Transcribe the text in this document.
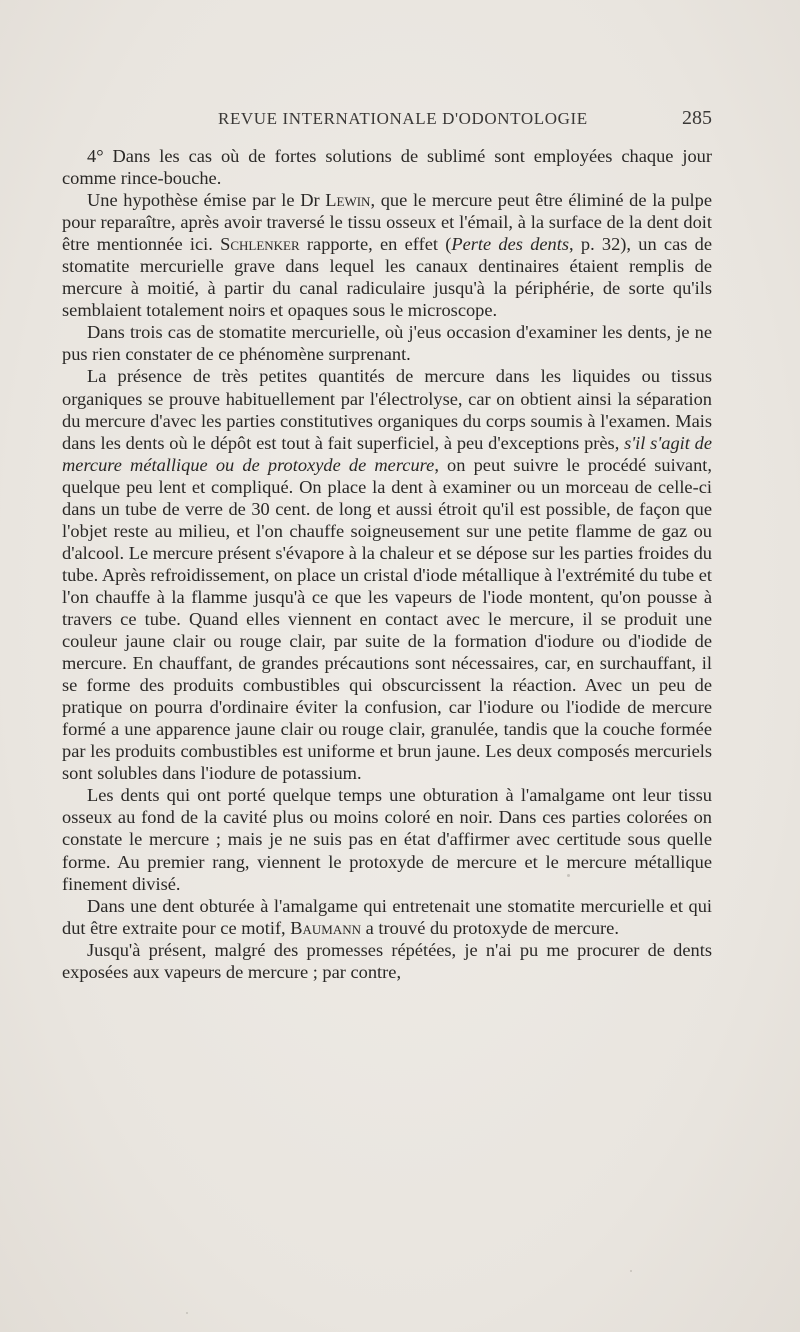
REVUE INTERNATIONALE D'ODONTOLOGIE	285

4° Dans les cas où de fortes solutions de sublimé sont employées chaque jour comme rince-bouche.

Une hypothèse émise par le Dr Lewin, que le mercure peut être éliminé de la pulpe pour reparaître, après avoir traversé le tissu osseux et l'émail, à la surface de la dent doit être mentionnée ici. Schlenker rapporte, en effet (Perte des dents, p. 32), un cas de stomatite mercurielle grave dans lequel les canaux dentinaires étaient remplis de mercure à moitié, à partir du canal radiculaire jusqu'à la périphérie, de sorte qu'ils semblaient totalement noirs et opaques sous le microscope.

Dans trois cas de stomatite mercurielle, où j'eus occasion d'examiner les dents, je ne pus rien constater de ce phénomène surprenant.

La présence de très petites quantités de mercure dans les liquides ou tissus organiques se prouve habituellement par l'électrolyse, car on obtient ainsi la séparation du mercure d'avec les parties constitutives organiques du corps soumis à l'examen. Mais dans les dents où le dépôt est tout à fait superficiel, à peu d'exceptions près, s'il s'agit de mercure métallique ou de protoxyde de mercure, on peut suivre le procédé suivant, quelque peu lent et compliqué. On place la dent à examiner ou un morceau de celle-ci dans un tube de verre de 30 cent. de long et aussi étroit qu'il est possible, de façon que l'objet reste au milieu, et l'on chauffe soigneusement sur une petite flamme de gaz ou d'alcool. Le mercure présent s'évapore à la chaleur et se dépose sur les parties froides du tube. Après refroidissement, on place un cristal d'iode métallique à l'extrémité du tube et l'on chauffe à la flamme jusqu'à ce que les vapeurs de l'iode montent, qu'on pousse à travers ce tube. Quand elles viennent en contact avec le mercure, il se produit une couleur jaune clair ou rouge clair, par suite de la formation d'iodure ou d'iodide de mercure. En chauffant, de grandes précautions sont nécessaires, car, en surchauffant, il se forme des produits combustibles qui obscurcissent la réaction. Avec un peu de pratique on pourra d'ordinaire éviter la confusion, car l'iodure ou l'iodide de mercure formé a une apparence jaune clair ou rouge clair, granulée, tandis que la couche formée par les produits combustibles est uniforme et brun jaune. Les deux composés mercuriels sont solubles dans l'iodure de potassium.

Les dents qui ont porté quelque temps une obturation à l'amalgame ont leur tissu osseux au fond de la cavité plus ou moins coloré en noir. Dans ces parties colorées on constate le mercure ; mais je ne suis pas en état d'affirmer avec certitude sous quelle forme. Au premier rang, viennent le protoxyde de mercure et le mercure métallique finement divisé.

Dans une dent obturée à l'amalgame qui entretenait une stomatite mercurielle et qui dut être extraite pour ce motif, Baumann a trouvé du protoxyde de mercure.

Jusqu'à présent, malgré des promesses répétées, je n'ai pu me procurer de dents exposées aux vapeurs de mercure ; par contre,
